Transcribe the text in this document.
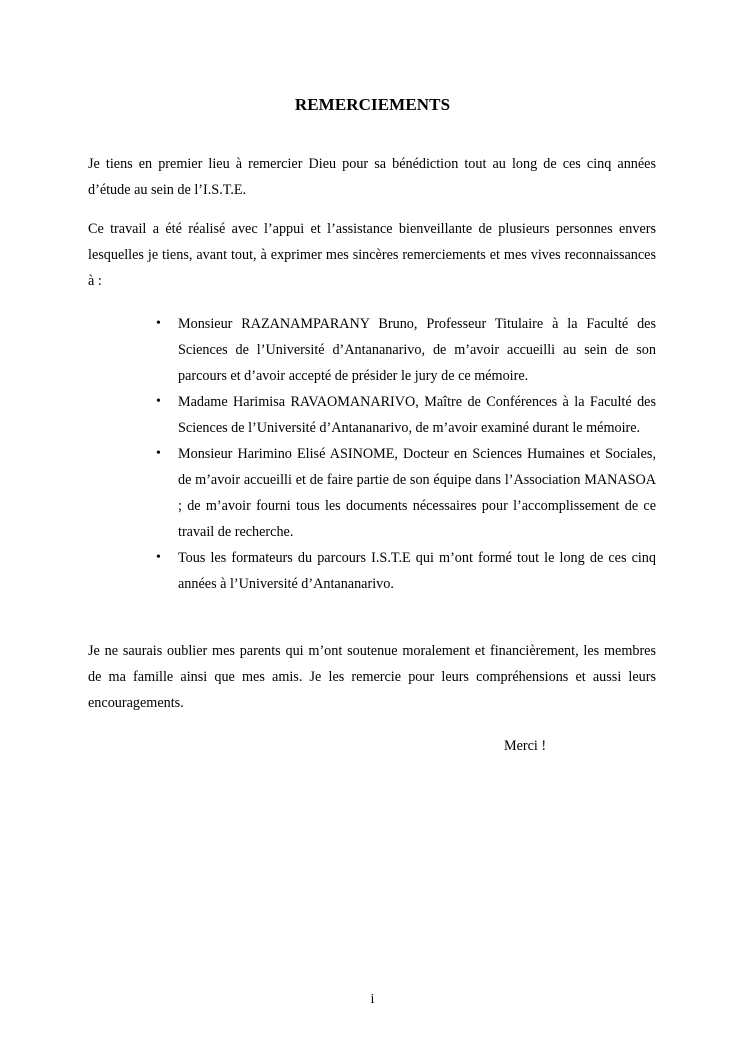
REMERCIEMENTS
Je tiens en premier lieu à remercier Dieu pour sa bénédiction tout au long de ces cinq années d’étude au sein de l’I.S.T.E.
Ce travail a été réalisé avec l’appui et l’assistance bienveillante de plusieurs personnes envers lesquelles je tiens, avant tout, à exprimer mes sincères remerciements et mes vives reconnaissances à :
• Monsieur RAZANAMPARANY Bruno, Professeur Titulaire à la Faculté des Sciences de l’Université d’Antananarivo, de m’avoir accueilli au sein de son parcours et d’avoir accepté de présider le jury de ce mémoire.
• Madame Harimisa RAVAOMANARIVO, Maître de Conférences à la Faculté des Sciences de l’Université d’Antananarivo, de m’avoir examiné durant le mémoire.
• Monsieur Harimino Elisé ASINOME, Docteur en Sciences Humaines et Sociales, de m’avoir accueilli et de faire partie de son équipe dans l’Association MANASOA ; de m’avoir fourni tous les documents nécessaires pour l’accomplissement de ce travail de recherche.
• Tous les formateurs du parcours I.S.T.E qui m’ont formé tout le long de ces cinq années à l’Université d’Antananarivo.
Je ne saurais oublier mes parents qui m’ont soutenue moralement et financièrement, les membres de ma famille ainsi que mes amis. Je les remercie pour leurs compréhensions et aussi leurs encouragements.
Merci !
i
